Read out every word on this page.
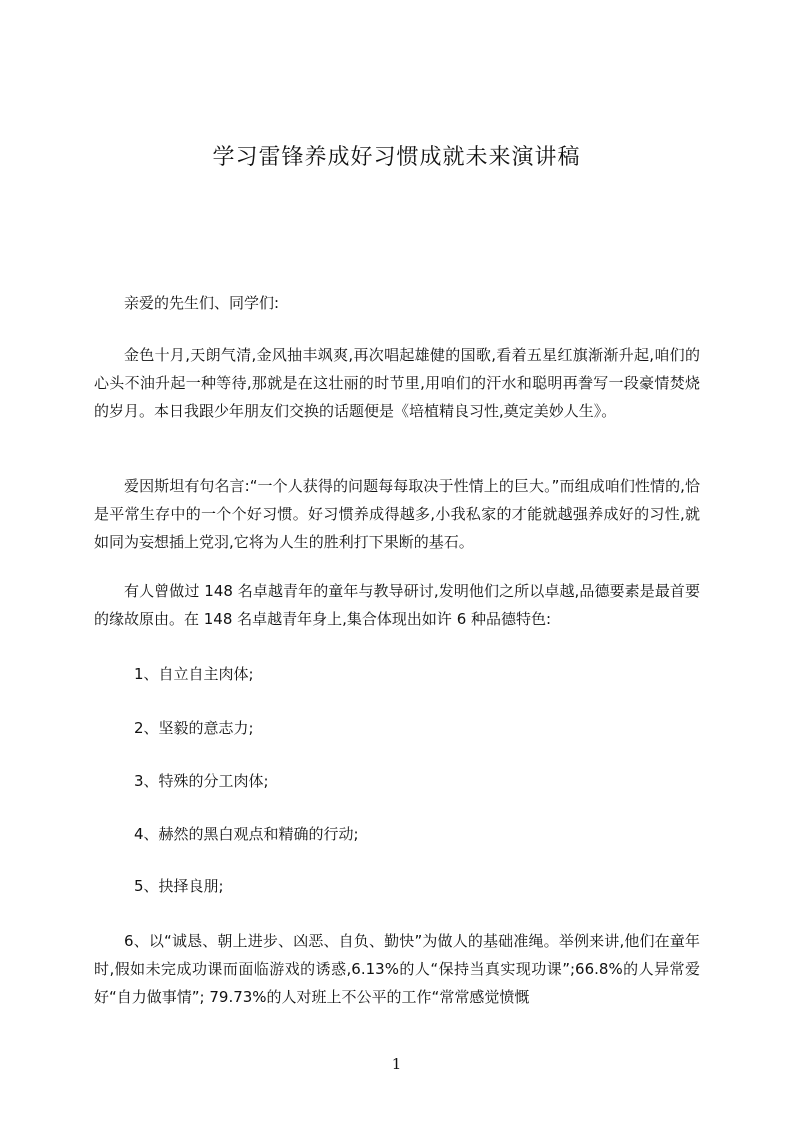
学习雷锋养成好习惯成就未来演讲稿

亲爱的先生们、同学们:

金色十月,天朗气清,金风抽丰飒爽,再次唱起雄健的国歌,看着五星红旗渐渐升起,咱们的心头不油升起一种等待,那就是在这壮丽的时节里,用咱们的汗水和聪明再誊写一段豪情焚烧的岁月。本日我跟少年朋友们交换的话题便是《培植精良习性,奠定美妙人生》。

爱因斯坦有句名言:“一个人获得的问题每每取决于性情上的巨大。”而组成咱们性情的,恰是平常生存中的一个个好习惯。好习惯养成得越多,小我私家的才能就越强养成好的习性,就如同为妄想插上党羽,它将为人生的胜利打下果断的基石。

有人曾做过 148 名卓越青年的童年与教导研讨,发明他们之所以卓越,品德要素是最首要的缘故原由。在 148 名卓越青年身上,集合体现出如许 6 种品德特色:

1、自立自主肉体;

2、坚毅的意志力;

3、特殊的分工肉体;

4、赫然的黑白观点和精确的行动;

5、抉择良朋;

6、以“诚恳、朝上进步、凶恶、自负、勤快”为做人的基础准绳。举例来讲,他们在童年时,假如未完成功课而面临游戏的诱惑,6.13%的人“保持当真实现功课”;66.8%的人异常爱好“自力做事情”; 79.73%的人对班上不公平的工作“常常感觉愤慨

1
